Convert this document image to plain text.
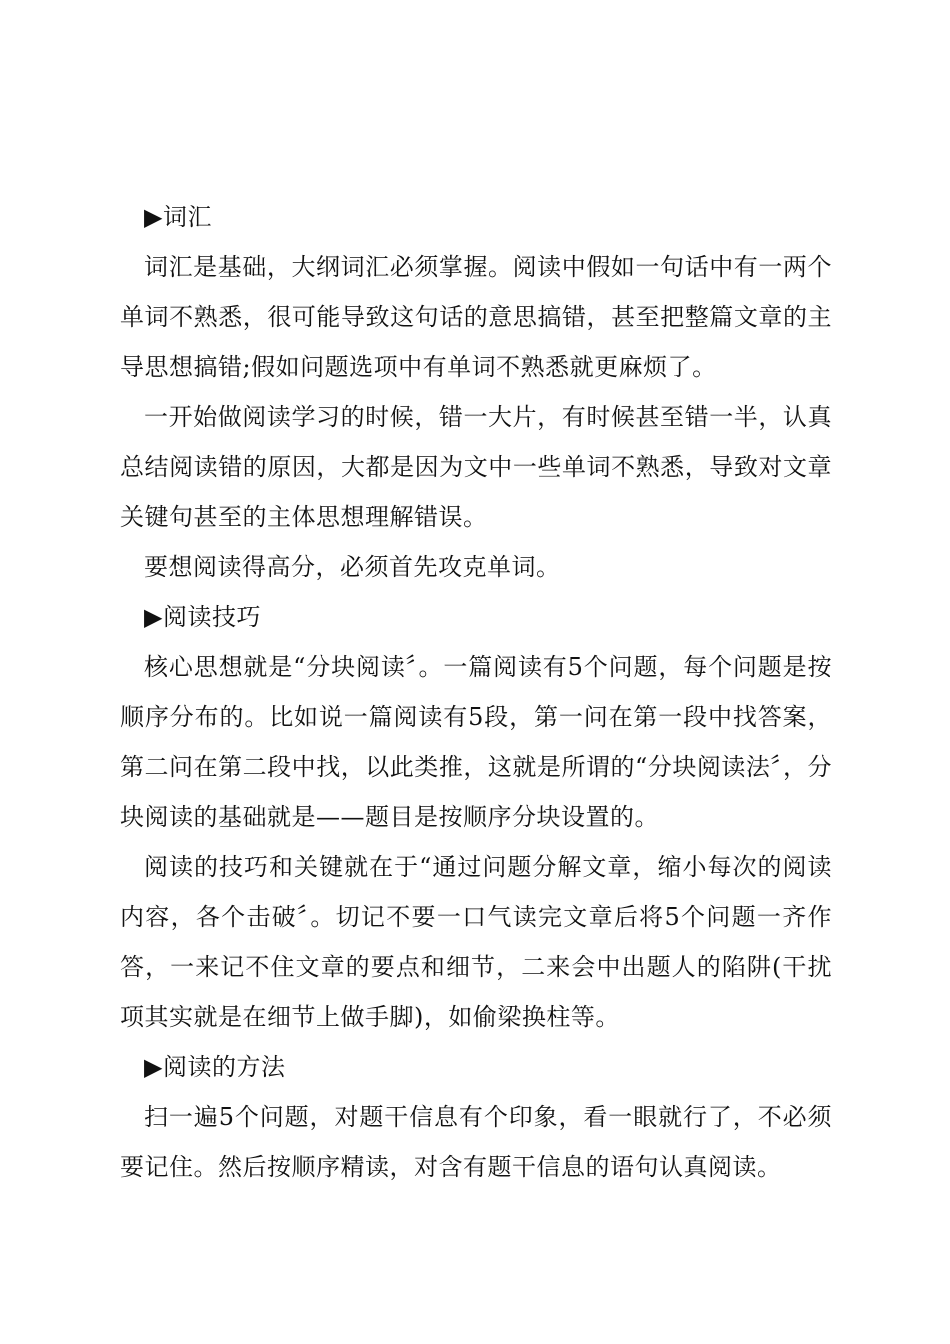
▶词汇

词汇是基础，大纲词汇必须掌握。阅读中假如一句话中有一两个单词不熟悉，很可能导致这句话的意思搞错，甚至把整篇文章的主导思想搞错;假如问题选项中有单词不熟悉就更麻烦了。

一开始做阅读学习的时候，错一大片，有时候甚至错一半，认真总结阅读错的原因，大都是因为文中一些单词不熟悉，导致对文章关键句甚至的主体思想理解错误。

要想阅读得高分，必须首先攻克单词。

▶阅读技巧

核心思想就是“分块阅读〞。一篇阅读有5个问题，每个问题是按顺序分布的。比如说一篇阅读有5段，第一问在第一段中找答案，第二问在第二段中找，以此类推，这就是所谓的“分块阅读法〞，分块阅读的基础就是——题目是按顺序分块设置的。

阅读的技巧和关键就在于“通过问题分解文章，缩小每次的阅读内容，各个击破〞。切记不要一口气读完文章后将5个问题一齐作答，一来记不住文章的要点和细节，二来会中出题人的陷阱(干扰项其实就是在细节上做手脚)，如偷梁换柱等。

▶阅读的方法

扫一遍5个问题，对题干信息有个印象，看一眼就行了，不必须要记住。然后按顺序精读，对含有题干信息的语句认真阅读。
